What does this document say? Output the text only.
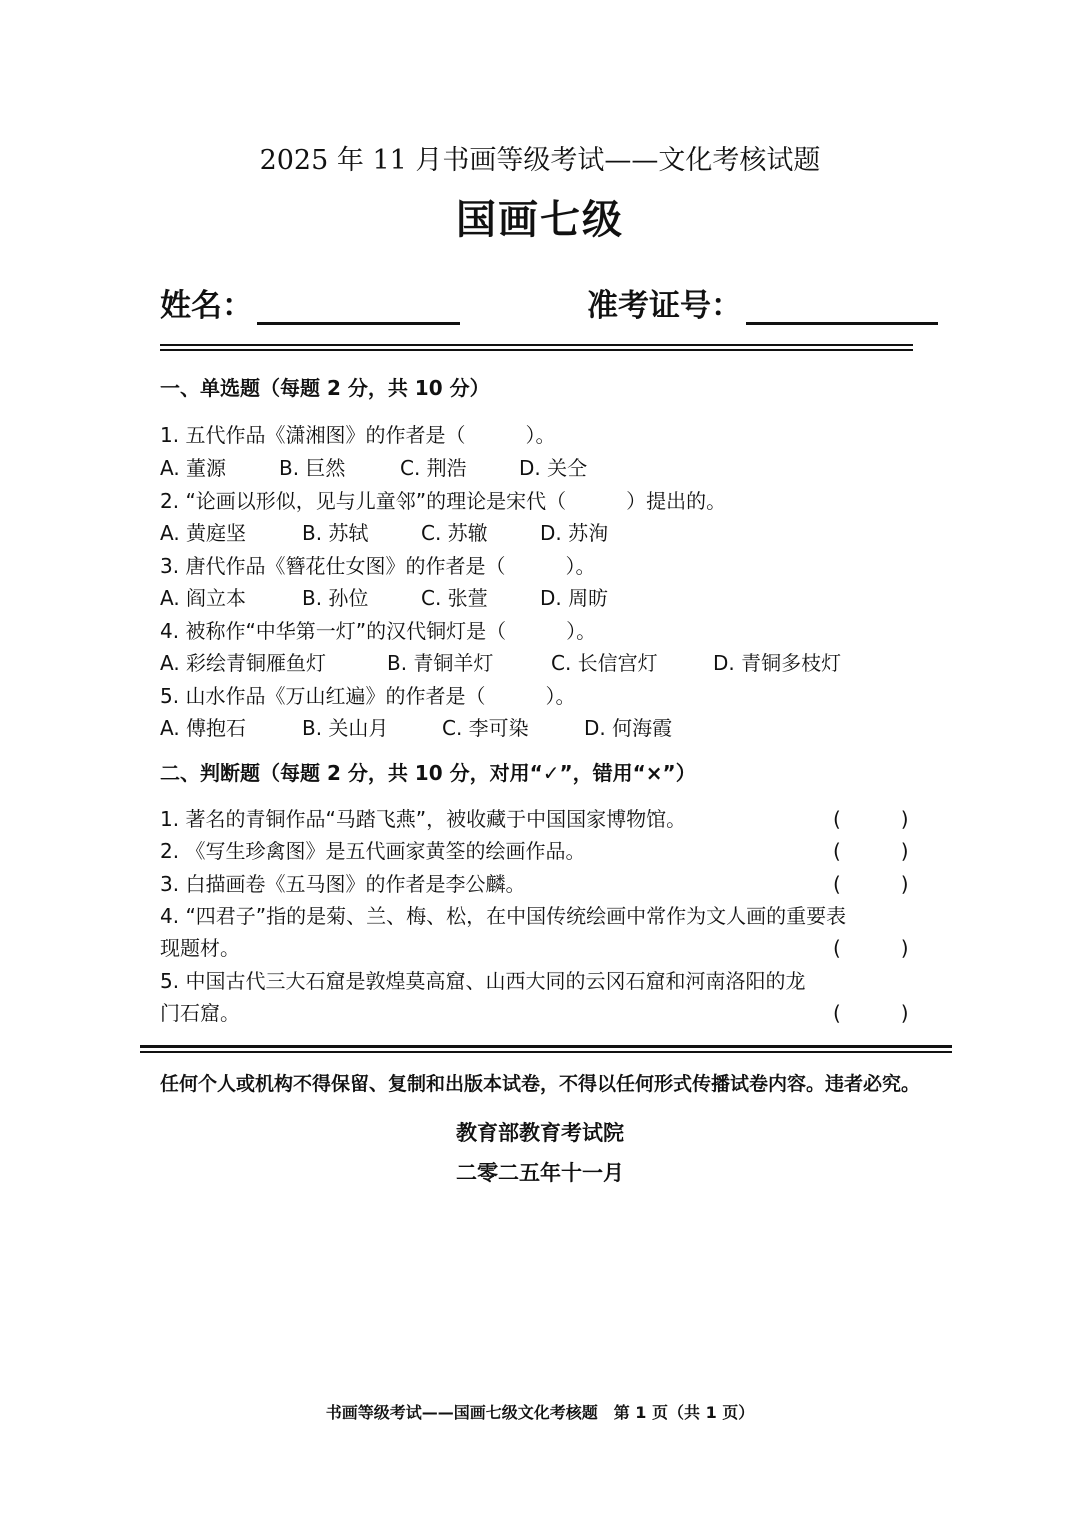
2025 年 11 月书画等级考试——文化考核试题
国画七级
姓名：	准考证号：
一、单选题（每题 2 分，共 10 分）
1. 五代作品《潇湘图》的作者是（　　　）。
A. 董源	B. 巨然	C. 荆浩	D. 关仝
2. “论画以形似，见与儿童邻”的理论是宋代（　　　）提出的。
A. 黄庭坚	B. 苏轼	C. 苏辙	D. 苏洵
3. 唐代作品《簪花仕女图》的作者是（　　　）。
A. 阎立本	B. 孙位	C. 张萱	D. 周昉
4. 被称作“中华第一灯”的汉代铜灯是（　　　）。
A. 彩绘青铜雁鱼灯	B. 青铜羊灯	C. 长信宫灯	D. 青铜多枝灯
5. 山水作品《万山红遍》的作者是（　　　）。
A. 傅抱石	B. 关山月	C. 李可染	D. 何海霞
二、判断题（每题 2 分，共 10 分，对用“✓”，错用“×”）
1. 著名的青铜作品“马踏飞燕”，被收藏于中国国家博物馆。	(　　　)
2. 《写生珍禽图》是五代画家黄筌的绘画作品。	(　　　)
3. 白描画卷《五马图》的作者是李公麟。	(　　　)
4. “四君子”指的是菊、兰、梅、松，在中国传统绘画中常作为文人画的重要表
现题材。	(　　　)
5. 中国古代三大石窟是敦煌莫高窟、山西大同的云冈石窟和河南洛阳的龙
门石窟。	(　　　)
任何个人或机构不得保留、复制和出版本试卷，不得以任何形式传播试卷内容。违者必究。
教育部教育考试院
二零二五年十一月
书画等级考试——国画七级文化考核题　第 1 页（共 1 页）
